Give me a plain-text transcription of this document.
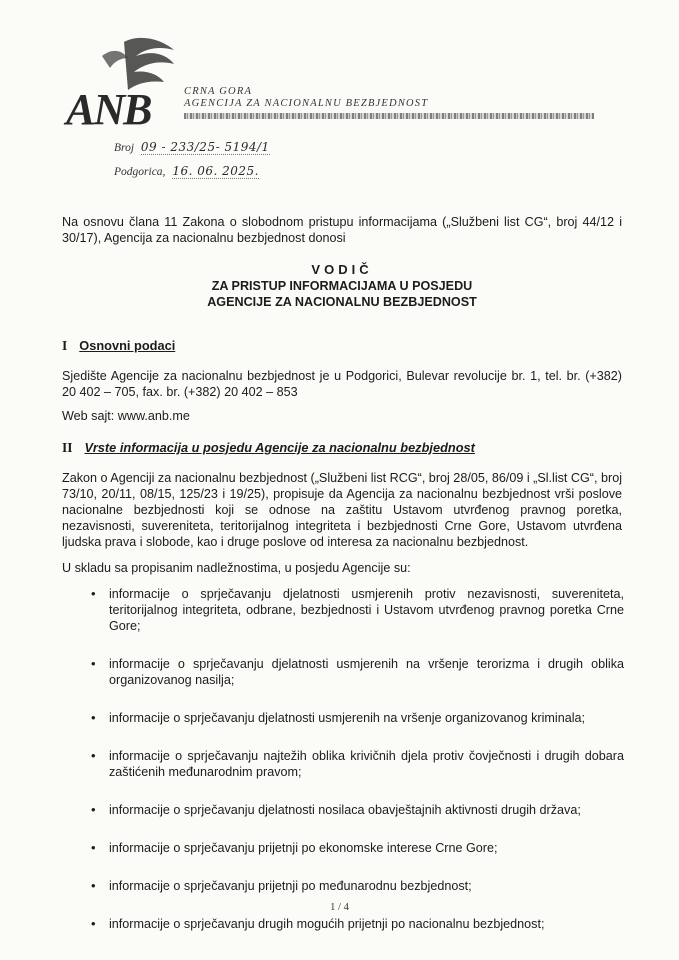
ANB	CRNA GORA
AGENCIJA ZA NACIONALNU BEZBJEDNOST
Broj 09 - 233/25- 5194/1
Podgorica, 16. 06. 2025.
Na osnovu člana 11 Zakona o slobodnom pristupu informacijama („Službeni list CG“, broj 44/12 i 30/17), Agencija za nacionalnu bezbjednost donosi
VODIČ
ZA PRISTUP INFORMACIJAMA U POSJEDU
AGENCIJE ZA NACIONALNU BEZBJEDNOST
I Osnovni podaci
Sjedište Agencije za nacionalnu bezbjednost je u Podgorici, Bulevar revolucije br. 1, tel. br. (+382) 20 402 – 705, fax. br. (+382) 20 402 – 853
Web sajt: www.anb.me
II Vrste informacija u posjedu Agencije za nacionalnu bezbjednost
Zakon o Agenciji za nacionalnu bezbjednost („Službeni list RCG“, broj 28/05, 86/09 i „Sl.list CG“, broj 73/10, 20/11, 08/15, 125/23 i 19/25), propisuje da Agencija za nacionalnu bezbjednost vrši poslove nacionalne bezbjednosti koji se odnose na zaštitu Ustavom utvrđenog pravnog poretka, nezavisnosti, suvereniteta, teritorijalnog integriteta i bezbjednosti Crne Gore, Ustavom utvrđena ljudska prava i slobode, kao i druge poslove od interesa za nacionalnu bezbjednost.
U skladu sa propisanim nadležnostima, u posjedu Agencije su:
• informacije o sprječavanju djelatnosti usmjerenih protiv nezavisnosti, suvereniteta, teritorijalnog integriteta, odbrane, bezbjednosti i Ustavom utvrđenog pravnog poretka Crne Gore;
• informacije o sprječavanju djelatnosti usmjerenih na vršenje terorizma i drugih oblika organizovanog nasilja;
• informacije o sprječavanju djelatnosti usmjerenih na vršenje organizovanog kriminala;
• informacije o sprječavanju najtežih oblika krivičnih djela protiv čovječnosti i drugih dobara zaštićenih međunarodnim pravom;
• informacije o sprječavanju djelatnosti nosilaca obavještajnih aktivnosti drugih država;
• informacije o sprječavanju prijetnji po ekonomske interese Crne Gore;
• informacije o sprječavanju prijetnji po međunarodnu bezbjednost;
• informacije o sprječavanju drugih mogućih prijetnji po nacionalnu bezbjednost;
1 / 4
